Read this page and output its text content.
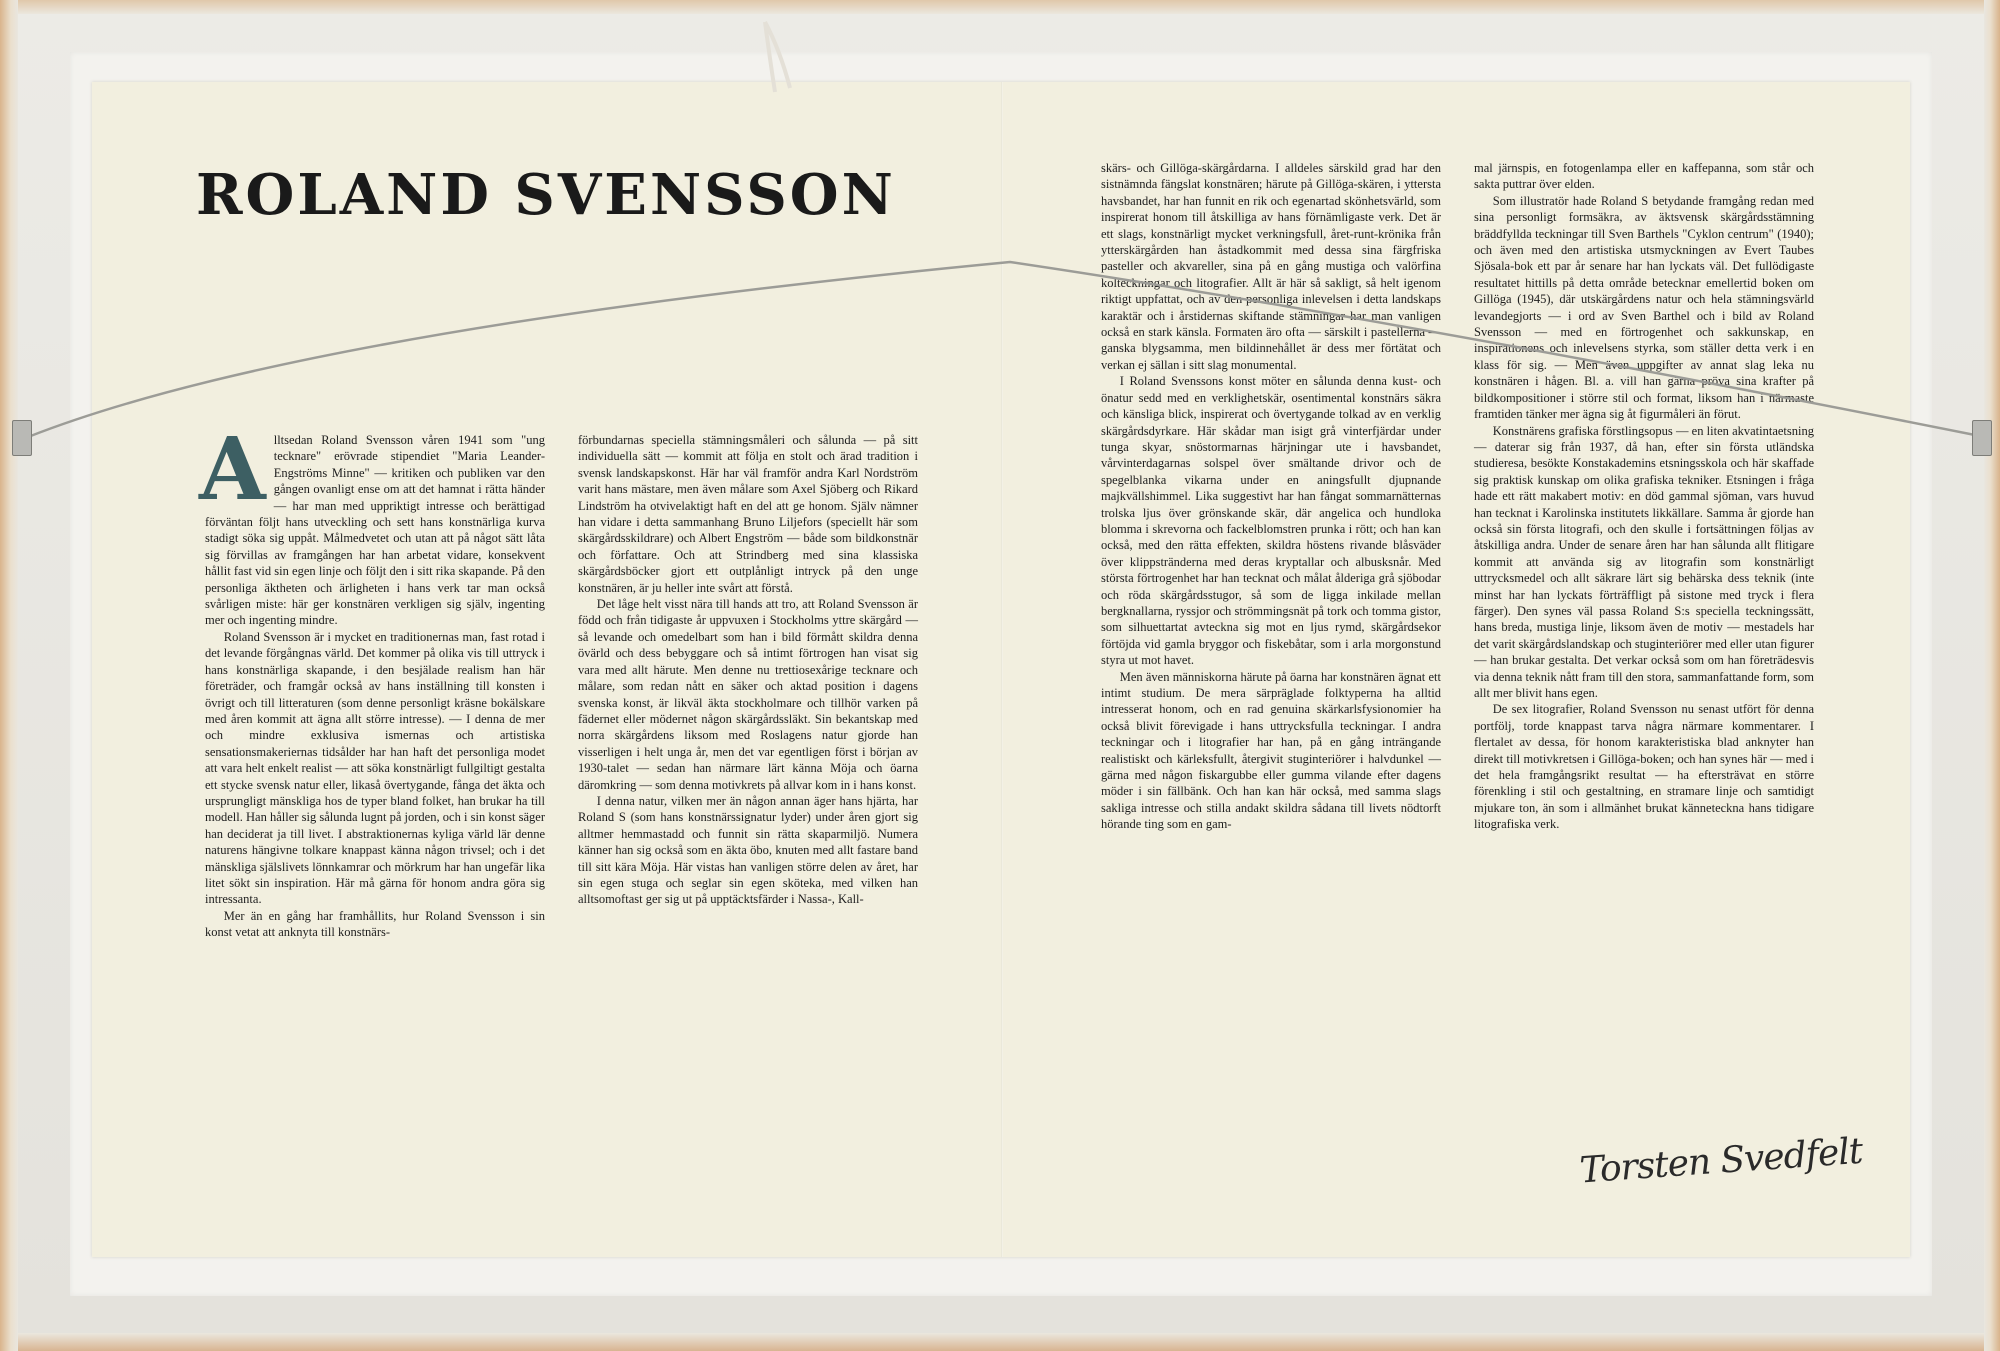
ROLAND SVENSSON

Alltsedan Roland Svensson våren 1941 som "ung tecknare" erövrade stipendiet "Maria Leander-Engströms Minne" — kritiken och publiken var den gången ovanligt ense om att det hamnat i rätta händer — har man med uppriktigt intresse och berättigad förväntan följt hans utveckling och sett hans konstnärliga kurva stadigt söka sig uppåt. Målmedvetet och utan att på något sätt låta sig förvillas av framgången har han arbetat vidare, konsekvent hållit fast vid sin egen linje och följt den i sitt rika skapande. På den personliga äktheten och ärligheten i hans verk tar man också svårligen miste: här ger konstnären verkligen sig själv, ingenting mer och ingenting mindre.

Roland Svensson är i mycket en traditionernas man, fast rotad i det levande förgångnas värld. Det kommer på olika vis till uttryck i hans konstnärliga skapande, i den besjälade realism han här företräder, och framgår också av hans inställning till konsten i övrigt och till litteraturen (som denne personligt kräsne bokälskare med åren kommit att ägna allt större intresse). — I denna de mer och mindre exklusiva ismernas och artistiska sensationsmakeriernas tidsålder har han haft det personliga modet att vara helt enkelt realist — att söka konstnärligt fullgiltigt gestalta ett stycke svensk natur eller, likaså övertygande, fånga det äkta och ursprungligt mänskliga hos de typer bland folket, han brukar ha till modell. Han håller sig sålunda lugnt på jorden, och i sin konst säger han deciderat ja till livet. I abstraktionernas kyliga värld lär denne naturens hängivne tolkare knappast känna någon trivsel; och i det mänskliga själslivets lönnkamrar och mörkrum har han ungefär lika litet sökt sin inspiration. Här må gärna för honom andra göra sig intressanta.

Mer än en gång har framhållits, hur Roland Svensson i sin konst vetat att anknyta till konstnärs-

förbundarnas speciella stämningsmåleri och sålunda — på sitt individuella sätt — kommit att följa en stolt och ärad tradition i svensk landskapskonst. Här har väl framför andra Karl Nordström varit hans mästare, men även målare som Axel Sjöberg och Rikard Lindström ha otvivelaktigt haft en del att ge honom. Själv nämner han vidare i detta sammanhang Bruno Liljefors (speciellt här som skärgårdsskildrare) och Albert Engström — både som bildkonstnär och författare. Och att Strindberg med sina klassiska skärgårdsböcker gjort ett outplånligt intryck på den unge konstnären, är ju heller inte svårt att förstå.

Det låge helt visst nära till hands att tro, att Roland Svensson är född och från tidigaste år uppvuxen i Stockholms yttre skärgård — så levande och omedelbart som han i bild förmått skildra denna övärld och dess bebyggare och så intimt förtrogen han visat sig vara med allt härute. Men denne nu trettiosexårige tecknare och målare, som redan nått en säker och aktad position i dagens svenska konst, är likväl äkta stockholmare och tillhör varken på fädernet eller mödernet någon skärgårdssläkt. Sin bekantskap med norra skärgårdens liksom med Roslagens natur gjorde han visserligen i helt unga år, men det var egentligen först i början av 1930-talet — sedan han närmare lärt känna Möja och öarna däromkring — som denna motivkrets på allvar kom in i hans konst.

I denna natur, vilken mer än någon annan äger hans hjärta, har Roland S (som hans konstnärssignatur lyder) under åren gjort sig alltmer hemmastadd och funnit sin rätta skaparmiljö. Numera känner han sig också som en äkta öbo, knuten med allt fastare band till sitt kära Möja. Här vistas han vanligen större delen av året, har sin egen stuga och seglar sin egen sköteka, med vilken han alltsomoftast ger sig ut på upptäcktsfärder i Nassa-, Kall-

skärs- och Gillöga-skärgårdarna. I alldeles särskild grad har den sistnämnda fängslat konstnären; härute på Gillöga-skären, i yttersta havsbandet, har han funnit en rik och egenartad skönhetsvärld, som inspirerat honom till åtskilliga av hans förnämligaste verk. Det är ett slags, konstnärligt mycket verkningsfull, året-runt-krönika från ytterskärgården han åstadkommit med dessa sina färgfriska pasteller och akvareller, sina på en gång mustiga och valörfina kolteckningar och litografier. Allt är här så sakligt, så helt igenom riktigt uppfattat, och av den personliga inlevelsen i detta landskaps karaktär och i årstidernas skiftande stämningar har man vanligen också en stark känsla. Formaten äro ofta — särskilt i pastellerna — ganska blygsamma, men bildinnehållet är dess mer förtätat och verkan ej sällan i sitt slag monumental.

I Roland Svenssons konst möter en sålunda denna kust- och önatur sedd med en verklighetskär, osentimental konstnärs säkra och känsliga blick, inspirerat och övertygande tolkad av en verklig skärgårdsdyrkare. Här skådar man isigt grå vinterfjärdar under tunga skyar, snöstormarnas härjningar ute i havsbandet, vårvinterdagarnas solspel över smältande drivor och de spegelblanka vikarna under en aningsfullt djupnande majkvällshimmel. Lika suggestivt har han fångat sommarnätternas trolska ljus över grönskande skär, där angelica och hundloka blomma i skrevorna och fackelblomstren prunka i rött; och han kan också, med den rätta effekten, skildra höstens rivande blåsväder över klippstränderna med deras kryptallar och albusksnår. Med största förtrogenhet har han tecknat och målat ålderiga grå sjöbodar och röda skärgårdsstugor, så som de ligga inkilade mellan bergknallarna, ryssjor och strömmingsnät på tork och tomma gistor, som silhuettartat avteckna sig mot en ljus rymd, skärgårdsekor förtöjda vid gamla bryggor och fiskebåtar, som i arla morgonstund styra ut mot havet.

Men även människorna härute på öarna har konstnären ägnat ett intimt studium. De mera särpräglade folktyperna ha alltid intresserat honom, och en rad genuina skärkarlsfysionomier ha också blivit förevigade i hans uttrycksfulla teckningar. I andra teckningar och i litografier har han, på en gång inträngande realistiskt och kärleksfullt, återgivit stuginteriörer i halvdunkel — gärna med någon fiskargubbe eller gumma vilande efter dagens möder i sin fällbänk. Och han kan här också, med samma slags sakliga intresse och stilla andakt skildra sådana till livets nödtorft hörande ting som en gam-

mal järnspis, en fotogenlampa eller en kaffepanna, som står och sakta puttrar över elden.

Som illustratör hade Roland S betydande framgång redan med sina personligt formsäkra, av äktsvensk skärgårdsstämning bräddfyllda teckningar till Sven Barthels "Cyklon centrum" (1940); och även med den artistiska utsmyckningen av Evert Taubes Sjösala-bok ett par år senare har han lyckats väl. Det fullödigaste resultatet hittills på detta område betecknar emellertid boken om Gillöga (1945), där utskärgårdens natur och hela stämningsvärld levandegjorts — i ord av Sven Barthel och i bild av Roland Svensson — med en förtrogenhet och sakkunskap, en inspirationens och inlevelsens styrka, som ställer detta verk i en klass för sig. — Men även uppgifter av annat slag leka nu konstnären i hågen. Bl. a. vill han gärna pröva sina krafter på bildkompositioner i större stil och format, liksom han i närmaste framtiden tänker mer ägna sig åt figurmåleri än förut.

Konstnärens grafiska förstlingsopus — en liten akvatintaetsning — daterar sig från 1937, då han, efter sin första utländska studieresa, besökte Konstakademins etsningsskola och här skaffade sig praktisk kunskap om olika grafiska tekniker. Etsningen i fråga hade ett rätt makabert motiv: en död gammal sjöman, vars huvud han tecknat i Karolinska institutets likkällare. Samma år gjorde han också sin första litografi, och den skulle i fortsättningen följas av åtskilliga andra. Under de senare åren har han sålunda allt flitigare kommit att använda sig av litografin som konstnärligt uttrycksmedel och allt säkrare lärt sig behärska dess teknik (inte minst har han lyckats förträffligt på sistone med tryck i flera färger). Den synes väl passa Roland S:s speciella teckningssätt, hans breda, mustiga linje, liksom även de motiv — mestadels har det varit skärgårdslandskap och stuginteriörer med eller utan figurer — han brukar gestalta. Det verkar också som om han företrädesvis via denna teknik nått fram till den stora, sammanfattande form, som allt mer blivit hans egen.

De sex litografier, Roland Svensson nu senast utfört för denna portfölj, torde knappast tarva några närmare kommentarer. I flertalet av dessa, för honom karakteristiska blad anknyter han direkt till motivkretsen i Gillöga-boken; och han synes här — med i det hela framgångsrikt resultat — ha eftersträvat en större förenkling i stil och gestaltning, en stramare linje och samtidigt mjukare ton, än som i allmänhet brukat känneteckna hans tidigare litografiska verk.

Torsten Svedfelt
